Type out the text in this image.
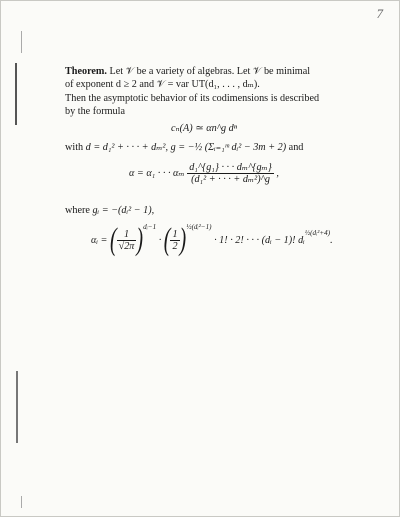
7
Theorem. Let 𝒱 be a variety of algebras. Let 𝒱 be minimal
of exponent d ≥ 2 and 𝒱 = var UT(d₁, . . . , dₘ).
Then the asymptotic behavior of its codimensions is described
by the formula
cₙ(A) ≃ αn^g dⁿ
with d = d₁² + · · · + dₘ², g = −½ (Σᵢ₌₁ᵐ dᵢ² − 3m + 2) and
α = α₁ · · · αₘ $\frac{\text{d₁\textasciicircum{}\{g₁\} · · · dₘ\textasciicircum{}\{gₘ\}}}{\text{(d₁² + · · · + dₘ²)\textasciicircum{}g}}$ ,
where gᵢ = −(dᵢ² − 1),
αᵢ = ( $\frac{1}{√2\pi} )^{dᵢ-1}$ · ( $\frac{1}{2} )^{\frac{1}{2}(dᵢ^2-1)} \cdot 1$! · 2! · · · (dᵢ − 1)! dᵢ$^{\frac{1}{2}(dᵢ^2+4)}$.
